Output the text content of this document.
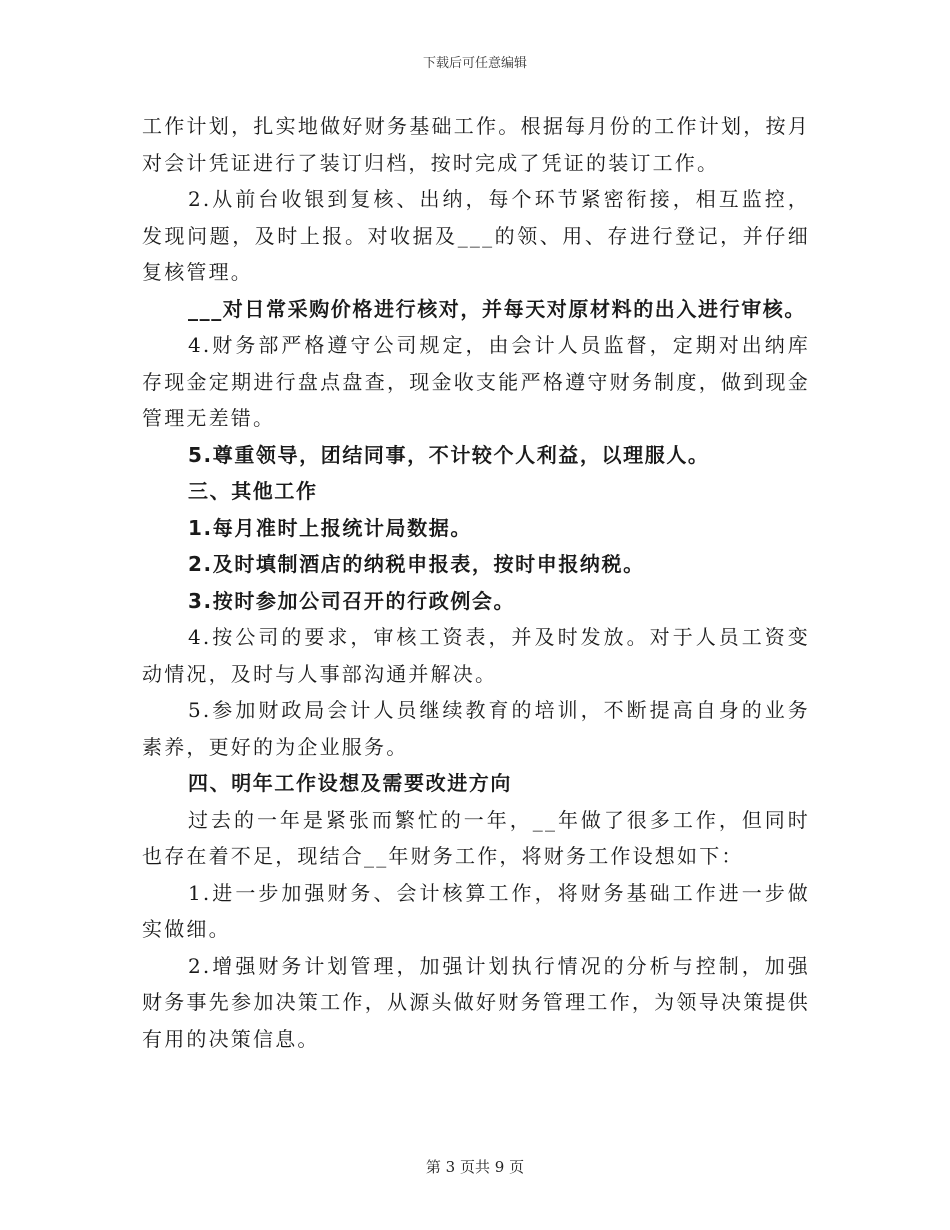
下载后可任意编辑

工作计划，扎实地做好财务基础工作。根据每月份的工作计划，按月对会计凭证进行了装订归档，按时完成了凭证的装订工作。

2.从前台收银到复核、出纳，每个环节紧密衔接，相互监控，发现问题，及时上报。对收据及___的领、用、存进行登记，并仔细复核管理。

___对日常采购价格进行核对，并每天对原材料的出入进行审核。

4.财务部严格遵守公司规定，由会计人员监督，定期对出纳库存现金定期进行盘点盘查，现金收支能严格遵守财务制度，做到现金管理无差错。

5.尊重领导，团结同事，不计较个人利益，以理服人。

三、其他工作

1.每月准时上报统计局数据。

2.及时填制酒店的纳税申报表，按时申报纳税。

3.按时参加公司召开的行政例会。

4.按公司的要求，审核工资表，并及时发放。对于人员工资变动情况，及时与人事部沟通并解决。

5.参加财政局会计人员继续教育的培训，不断提高自身的业务素养，更好的为企业服务。

四、明年工作设想及需要改进方向

过去的一年是紧张而繁忙的一年，__年做了很多工作，但同时也存在着不足，现结合__年财务工作，将财务工作设想如下：

1.进一步加强财务、会计核算工作，将财务基础工作进一步做实做细。

2.增强财务计划管理，加强计划执行情况的分析与控制，加强财务事先参加决策工作，从源头做好财务管理工作，为领导决策提供有用的决策信息。

第 3 页共 9 页
